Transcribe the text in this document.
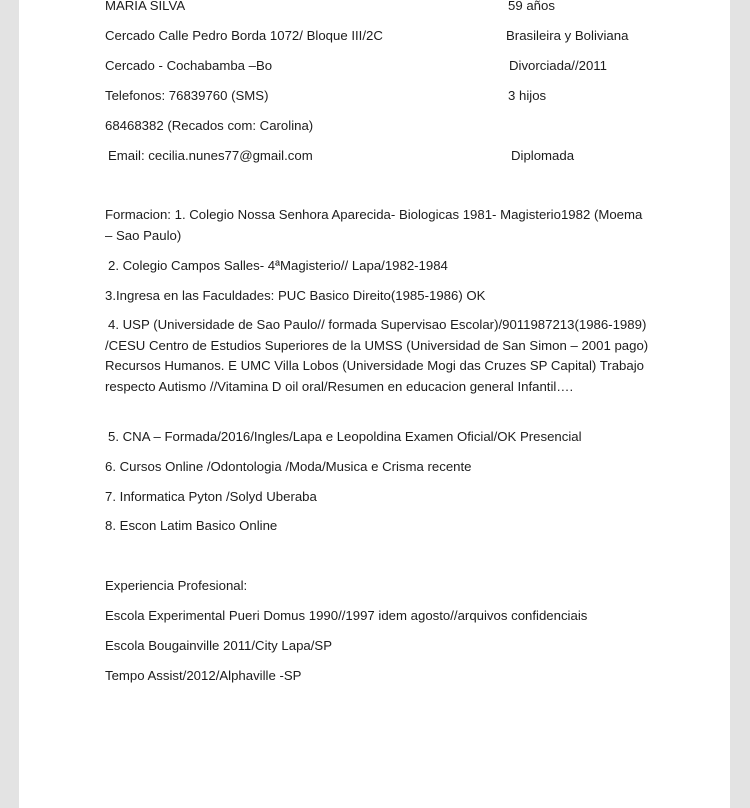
MARIA SILVA
Cercado Calle Pedro Borda 1072/ Bloque III/2C
Cercado - Cochabamba –Bo
Telefonos: 76839760 (SMS)
68468382 (Recados com: Carolina)
Email: cecilia.nunes77@gmail.com
59 años
Brasileira y Boliviana
Divorciada//2011
3 hijos
Diplomada
Formacion: 1. Colegio Nossa Senhora Aparecida- Biologicas 1981- Magisterio1982 (Moema – Sao Paulo)
2. Colegio Campos Salles- 4ªMagisterio// Lapa/1982-1984
3.Ingresa en las Faculdades: PUC Basico Direito(1985-1986) OK
4. USP (Universidade de Sao Paulo// formada Supervisao Escolar)/9011987213(1986-1989) /CESU Centro de Estudios Superiores de la UMSS (Universidad de San Simon – 2001 pago) Recursos Humanos. E UMC Villa Lobos (Universidade Mogi das Cruzes SP Capital) Trabajo respecto Autismo //Vitamina D oil oral/Resumen en educacion general Infantil….
5. CNA – Formada/2016/Ingles/Lapa e Leopoldina Examen Oficial/OK Presencial
6. Cursos Online /Odontologia /Moda/Musica e Crisma recente
7. Informatica Pyton /Solyd Uberaba
8. Escon Latim Basico Online
Experiencia Profesional:
Escola Experimental Pueri Domus 1990//1997 idem agosto//arquivos confidenciais
Escola Bougainville 2011/City Lapa/SP
Tempo Assist/2012/Alphaville -SP
